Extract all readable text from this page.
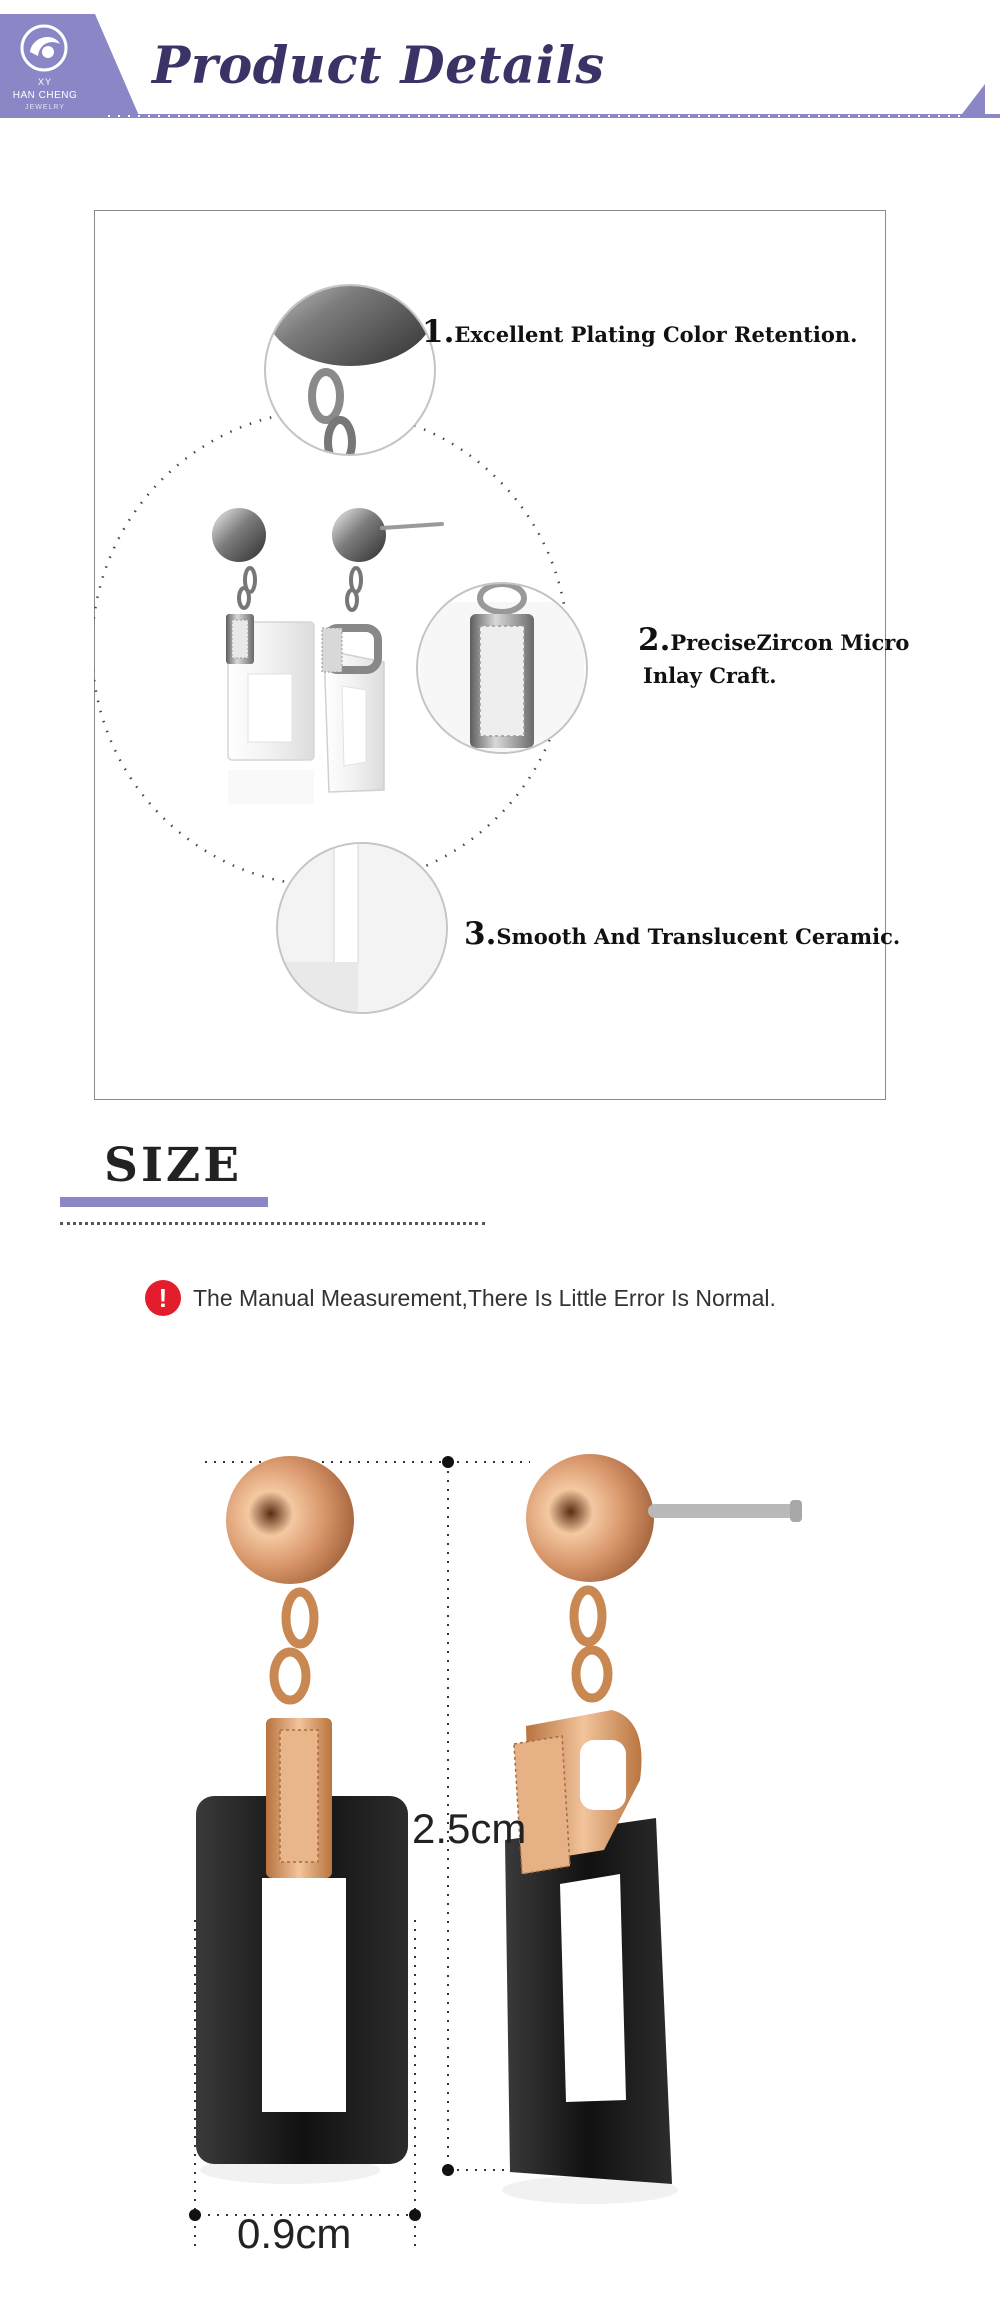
HAN CHENG
JEWELRY
XY	Product Details
1.Excellent Plating Color Retention.
2.PreciseZircon Micro
Inlay Craft.
3.Smooth And Translucent Ceramic.
SIZE
!	The Manual Measurement,There Is Little Error Is Normal.
2.5cm
0.9cm
